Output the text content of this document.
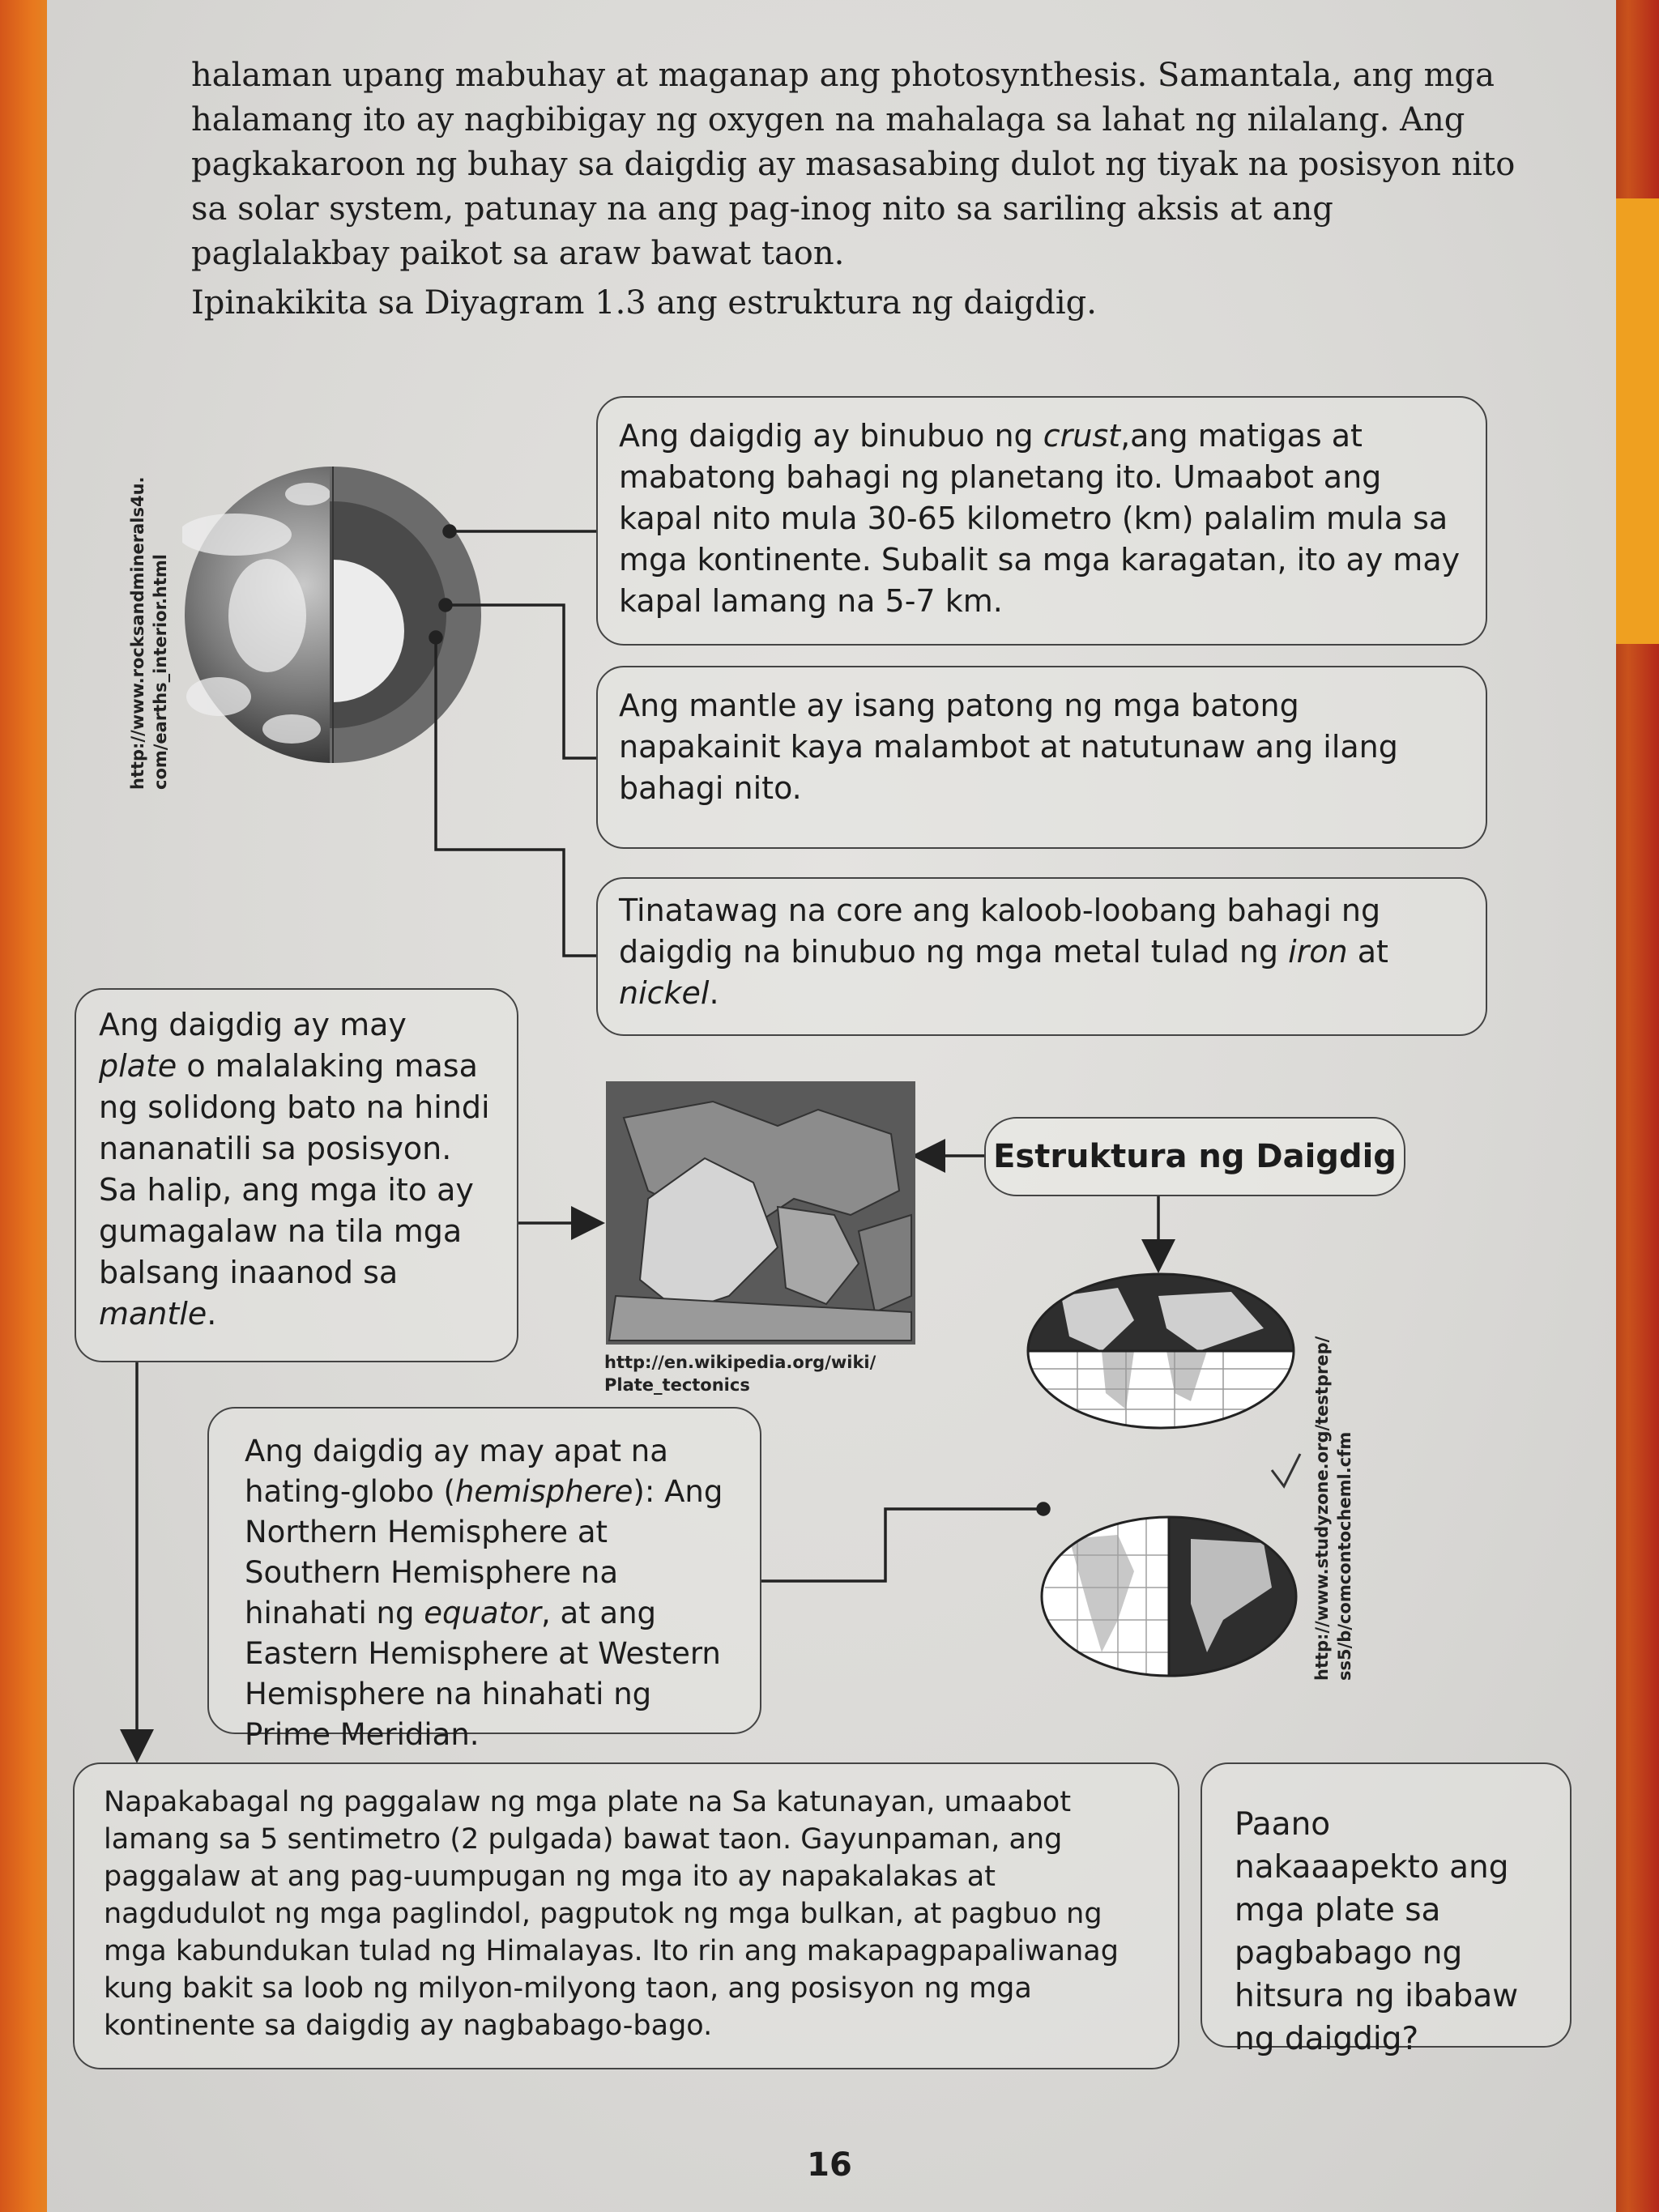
halaman upang mabuhay at maganap ang photosynthesis. Samantala, ang mga halamang ito ay nagbibigay ng oxygen na mahalaga sa lahat ng nilalang. Ang pagkakaroon ng buhay sa daigdig ay masasabing dulot ng tiyak na posisyon nito sa solar system, patunay na ang pag-inog nito sa sariling aksis at ang paglalakbay paikot sa araw bawat taon.

Ipinakikita sa Diyagram 1.3 ang estruktura ng daigdig.

Ang daigdig ay binubuo ng crust,ang matigas at mabatong bahagi ng planetang ito. Umaabot ang kapal nito mula 30-65 kilometro (km) palalim mula sa mga kontinente. Subalit sa mga karagatan, ito ay may kapal lamang na 5-7 km.
Ang mantle ay isang patong ng mga batong napakainit kaya malambot at natutunaw ang ilang bahagi nito.
Tinatawag na core ang kaloob-loobang bahagi ng daigdig na binubuo ng mga metal tulad ng iron at nickel.
Ang daigdig ay may plate o malalaking masa ng solidong bato na hindi nananatili sa posisyon. Sa halip, ang mga ito ay gumagalaw na tila mga balsang inaanod sa mantle.
Estruktura ng Daigdig
Ang daigdig ay may apat na hating-globo (hemisphere): Ang Northern Hemisphere at Southern Hemisphere na hinahati ng equator, at ang Eastern Hemisphere at Western Hemisphere na hinahati ng Prime Meridian.
Napakabagal ng paggalaw ng mga plate na Sa katunayan, umaabot lamang sa 5 sentimetro (2 pulgada) bawat taon. Gayunpaman, ang paggalaw at ang pag-uumpugan ng mga ito ay napakalakas at nagdudulot ng mga paglindol, pagputok ng mga bulkan, at pagbuo ng mga kabundukan tulad ng Himalayas. Ito rin ang makapagpapaliwanag kung bakit sa loob ng milyon-milyong taon, ang posisyon ng mga kontinente sa daigdig ay nagbabago-bago.
Paano nakaaapekto ang mga plate sa pagbabago ng hitsura ng ibabaw ng daigdig?
http://www.rocksandminerals4u. com/earths_interior.html
http://en.wikipedia.org/wiki/
Plate_tectonics	http://www.studyzone.org/testprep/ ss5/b/comcontocheml.cfm
16
